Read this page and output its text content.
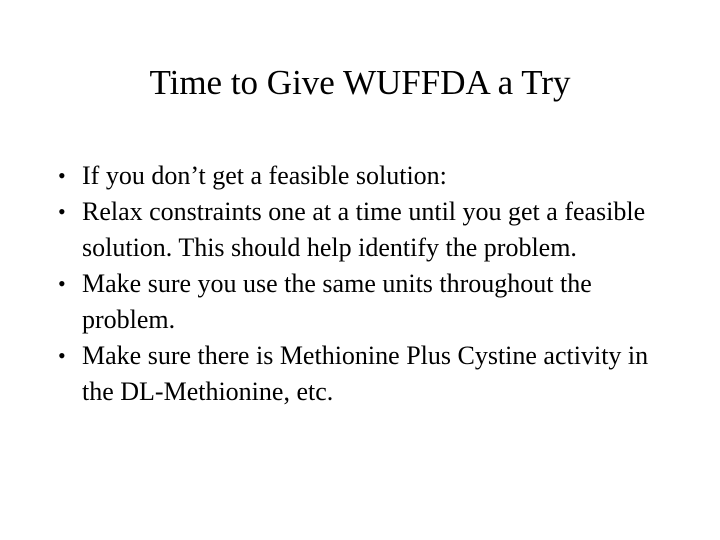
Time to Give WUFFDA a Try
• If you don’t get a feasible solution:
• Relax constraints one at a time until you get a feasible solution. This should help identify the problem.
• Make sure you use the same units throughout the problem.
• Make sure there is Methionine Plus Cystine activity in the DL-Methionine, etc.
